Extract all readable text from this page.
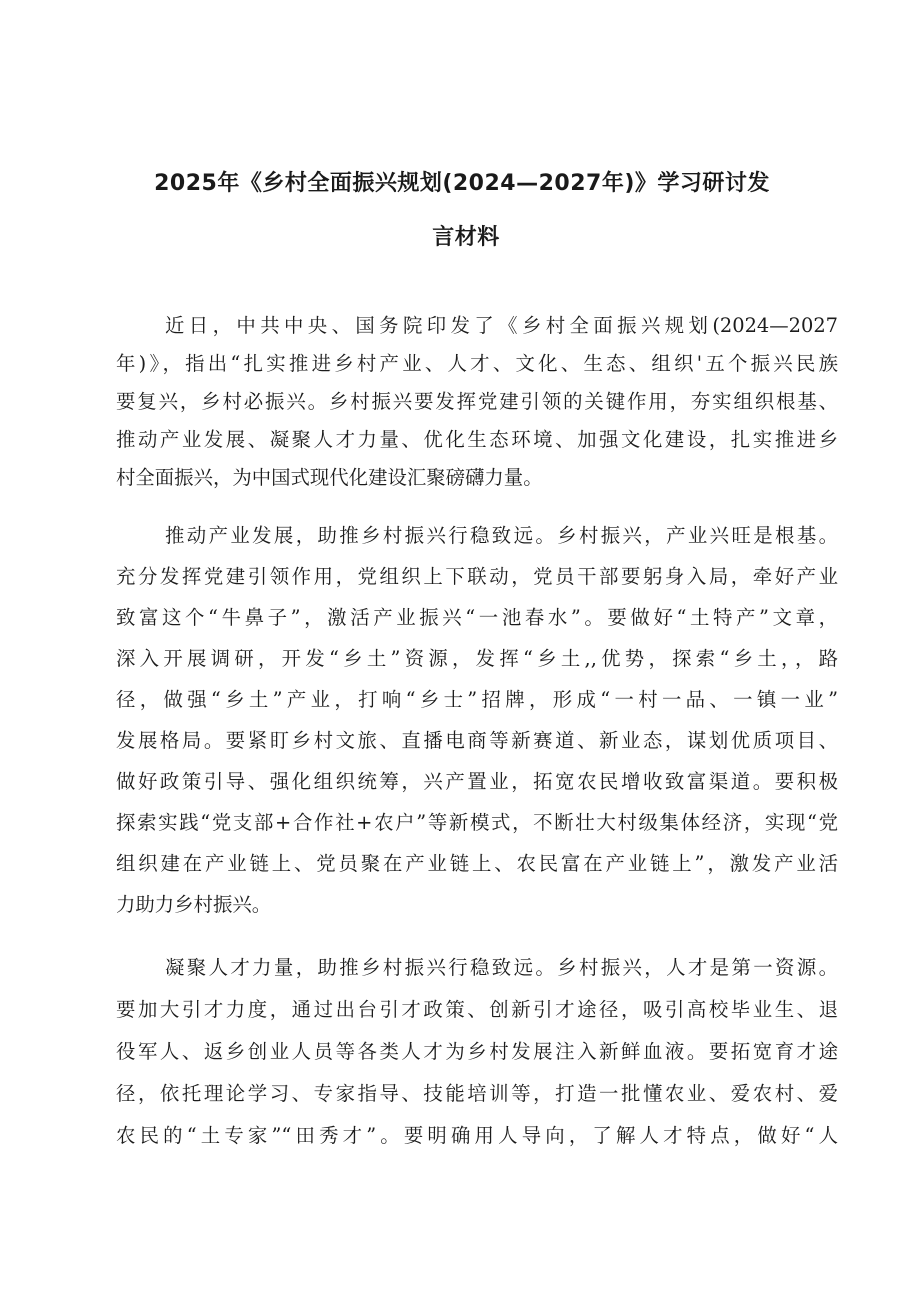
2025年《乡村全面振兴规划(2024—2027年)》学习研讨发
言材料
近日，中共中央、国务院印发了《乡村全面振兴规划(2024—2027
年)》，指出“扎实推进乡村产业、人才、文化、生态、组织'五个振兴民族
要复兴，乡村必振兴。乡村振兴要发挥党建引领的关键作用，夯实组织根基、
推动产业发展、凝聚人才力量、优化生态环境、加强文化建设，扎实推进乡
村全面振兴，为中国式现代化建设汇聚磅礴力量。
推动产业发展，助推乡村振兴行稳致远。乡村振兴，产业兴旺是根基。
充分发挥党建引领作用，党组织上下联动，党员干部要躬身入局，牵好产业
致富这个“牛鼻子”，激活产业振兴“一池春水”。要做好“土特产”文章，
深入开展调研，开发“乡土”资源，发挥“乡土,,优势，探索“乡土，，路
径，做强“乡土”产业，打响“乡士”招牌，形成“一村一品、一镇一业”
发展格局。要紧盯乡村文旅、直播电商等新赛道、新业态，谋划优质项目、
做好政策引导、强化组织统筹，兴产置业，拓宽农民增收致富渠道。要积极
探索实践“党支部+合作社+农户”等新模式，不断壮大村级集体经济，实现“党
组织建在产业链上、党员聚在产业链上、农民富在产业链上”，激发产业活
力助力乡村振兴。
凝聚人才力量，助推乡村振兴行稳致远。乡村振兴，人才是第一资源。
要加大引才力度，通过出台引才政策、创新引才途径，吸引高校毕业生、退
役军人、返乡创业人员等各类人才为乡村发展注入新鲜血液。要拓宽育才途
径，依托理论学习、专家指导、技能培训等，打造一批懂农业、爱农村、爱
农民的“土专家”“田秀才”。要明确用人导向，了解人才特点，做好“人
